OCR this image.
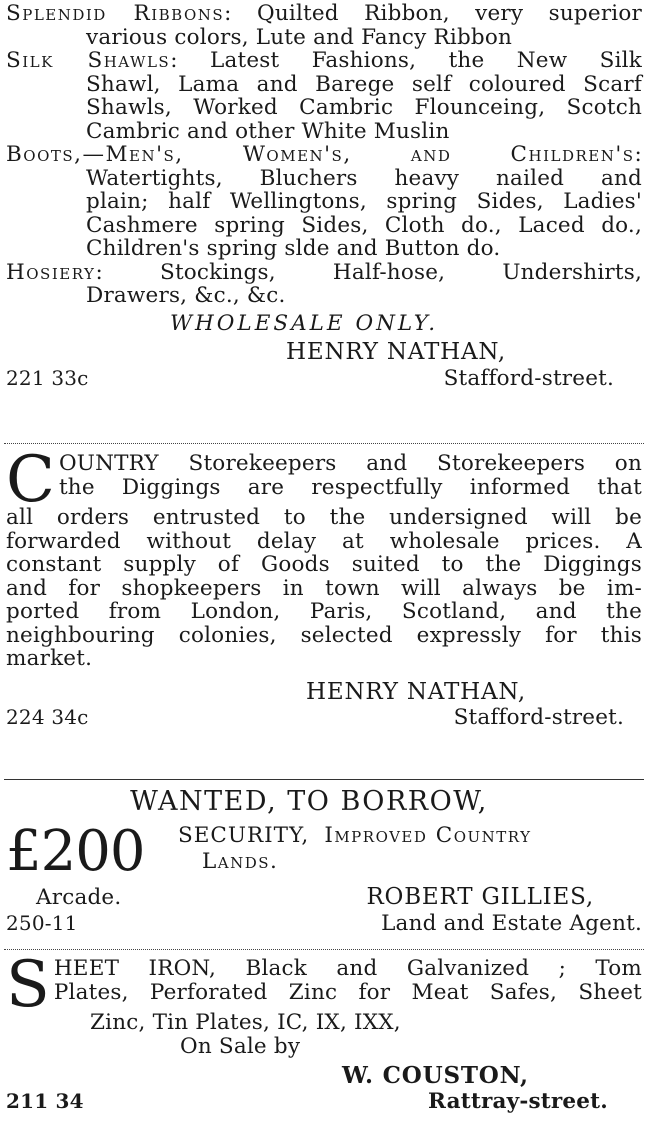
Splendid Ribbons: Quilted Ribbon, very superior
various colors, Lute and Fancy Ribbon
Silk Shawls: Latest Fashions, the New Silk
Shawl, Lama and Barege self coloured Scarf
Shawls, Worked Cambric Flounceing, Scotch
Cambric and other White Muslin
Boots,—Men's, Women's, and Children's:
Watertights, Bluchers heavy nailed and
plain; half Wellingtons, spring Sides, Ladies'
Cashmere spring Sides, Cloth do., Laced do.,
Children's spring slde and Button do.
Hosiery: Stockings, Half-hose, Undershirts,
Drawers, &c., &c.
WHOLESALE ONLY.
HENRY NATHAN,
221 33c	Stafford-street.
C OUNTRY Storekeepers and Storekeepers on
the Diggings are respectfully informed that
all orders entrusted to the undersigned will be
forwarded without delay at wholesale prices. A
constant supply of Goods suited to the Diggings
and for shopkeepers in town will always be im-
ported from London, Paris, Scotland, and the
neighbouring colonies, selected expressly for this
market.
HENRY NATHAN,
224 34c	Stafford-street.
WANTED, TO BORROW,
£200 SECURITY, Improved Country
Lands.
Arcade.	ROBERT GILLIES,
250-11	Land and Estate Agent.
S HEET IRON, Black and Galvanized ; Tom
Plates, Perforated Zinc for Meat Safes, Sheet
Zinc, Tin Plates, IC, IX, IXX,
On Sale by
W. COUSTON,
211 34	Rattray-street.
